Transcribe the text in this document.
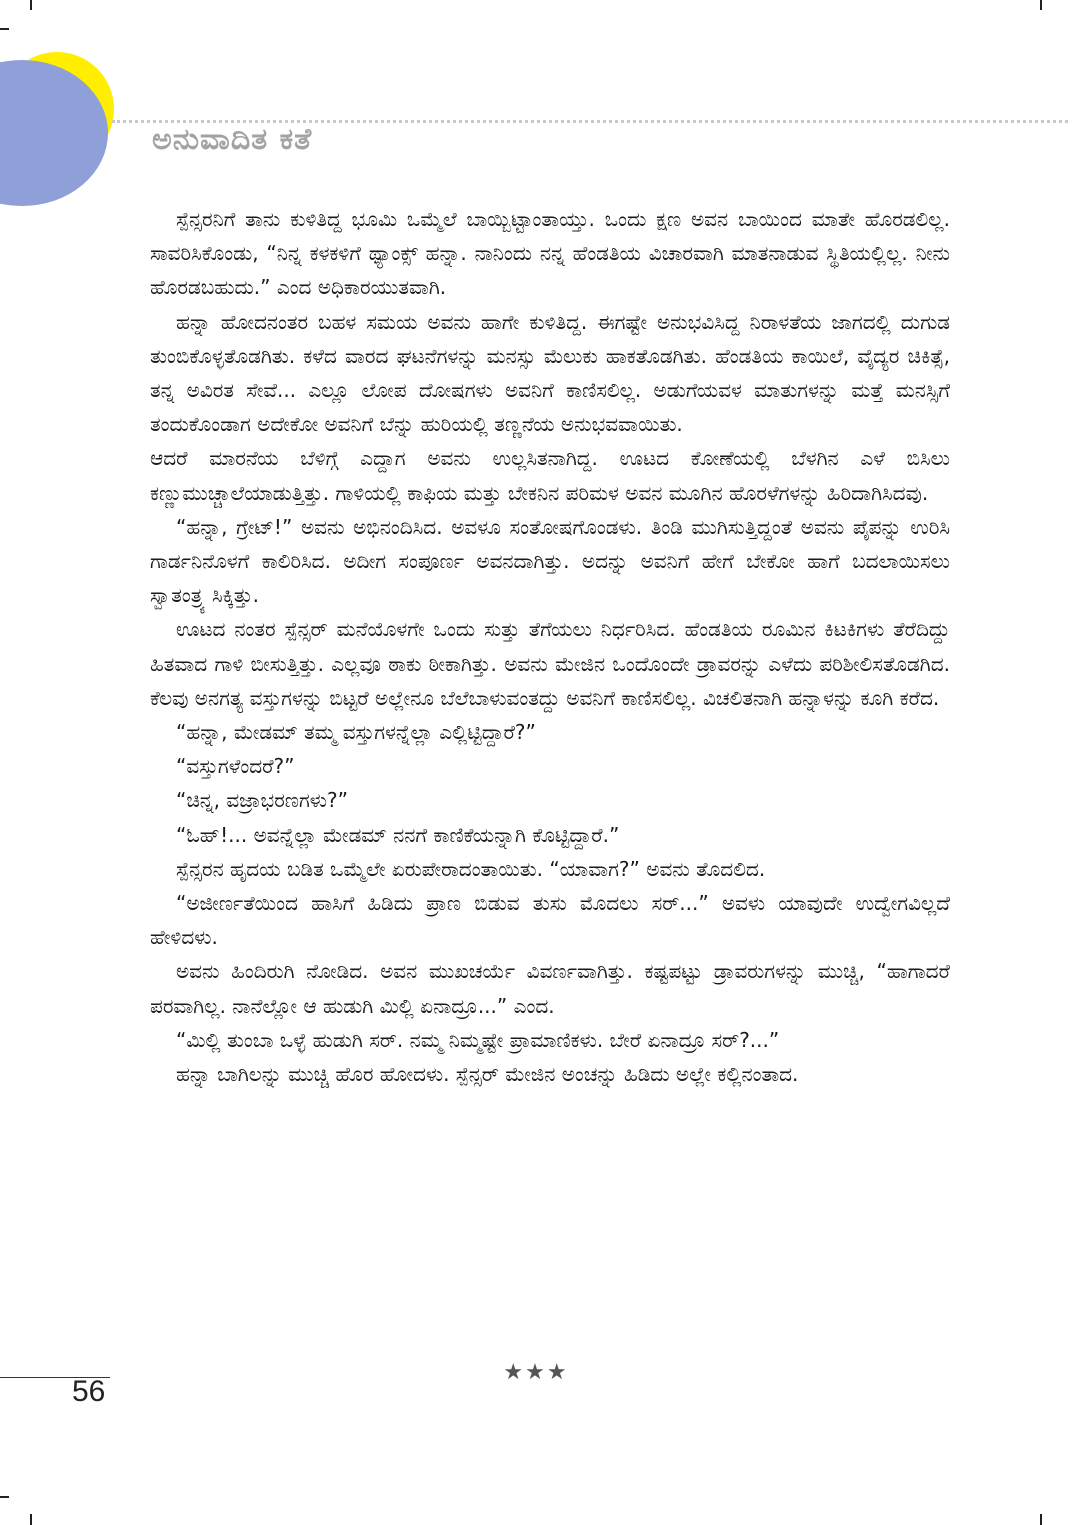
ಅನುವಾದಿತ ಕತೆ

ಸ್ಪೆನ್ಸರನಿಗೆ ತಾನು ಕುಳಿತಿದ್ದ ಭೂಮಿ ಒಮ್ಮೆಲೆ ಬಾಯ್ಬಿಟ್ಟಾಂತಾಯ್ತು. ಒಂದು ಕ್ಷಣ ಅವನ ಬಾಯಿಂದ ಮಾತೇ ಹೊರಡಲಿಲ್ಲ. ಸಾವರಿಸಿಕೊಂಡು, “ನಿನ್ನ ಕಳಕಳಿಗೆ ಥ್ಯಾಂಕ್ಸ್ ಹನ್ನಾ. ನಾನಿಂದು ನನ್ನ ಹೆಂಡತಿಯ ವಿಚಾರವಾಗಿ ಮಾತನಾಡುವ ಸ್ಥಿತಿಯಲ್ಲಿಲ್ಲ. ನೀನು ಹೊರಡಬಹುದು.” ಎಂದ ಅಧಿಕಾರಯುತವಾಗಿ.

ಹನ್ನಾ ಹೋದನಂತರ ಬಹಳ ಸಮಯ ಅವನು ಹಾಗೇ ಕುಳಿತಿದ್ದ. ಈಗಷ್ಟೇ ಅನುಭವಿಸಿದ್ದ ನಿರಾಳತೆಯ ಜಾಗದಲ್ಲಿ ದುಗುಡ ತುಂಬಿಕೊಳ್ಳತೊಡಗಿತು. ಕಳೆದ ವಾರದ ಘಟನೆಗಳನ್ನು ಮನಸ್ಸು ಮೆಲುಕು ಹಾಕತೊಡಗಿತು. ಹೆಂಡತಿಯ ಕಾಯಿಲೆ, ವೈದ್ಯರ ಚಿಕಿತ್ಸೆ, ತನ್ನ ಅವಿರತ ಸೇವೆ... ಎಲ್ಲೂ ಲೋಪ ದೋಷಗಳು ಅವನಿಗೆ ಕಾಣಿಸಲಿಲ್ಲ. ಅಡುಗೆಯವಳ ಮಾತುಗಳನ್ನು ಮತ್ತೆ ಮನಸ್ಸಿಗೆ ತಂದುಕೊಂಡಾಗ ಅದೇಕೋ ಅವನಿಗೆ ಬೆನ್ನು ಹುರಿಯಲ್ಲಿ ತಣ್ಣನೆಯ ಅನುಭವವಾಯಿತು.

ಆದರೆ ಮಾರನೆಯ ಬೆಳಿಗ್ಗೆ ಎದ್ದಾಗ ಅವನು ಉಲ್ಲಸಿತನಾಗಿದ್ದ. ಊಟದ ಕೋಣೆಯಲ್ಲಿ ಬೆಳಗಿನ ಎಳೆ ಬಿಸಿಲು ಕಣ್ಣುಮುಚ್ಚಾಲೆಯಾಡುತ್ತಿತ್ತು. ಗಾಳಿಯಲ್ಲಿ ಕಾಫಿಯ ಮತ್ತು ಬೇಕನಿನ ಪರಿಮಳ ಅವನ ಮೂಗಿನ ಹೊರಳೆಗಳನ್ನು ಹಿರಿದಾಗಿಸಿದವು.

“ಹನ್ನಾ, ಗ್ರೇಟ್!” ಅವನು ಅಭಿನಂದಿಸಿದ. ಅವಳೂ ಸಂತೋಷಗೊಂಡಳು. ತಿಂಡಿ ಮುಗಿಸುತ್ತಿದ್ದಂತೆ ಅವನು ಪೈಪನ್ನು ಉರಿಸಿ ಗಾರ್ಡನಿನೊಳಗೆ ಕಾಲಿರಿಸಿದ. ಅದೀಗ ಸಂಪೂರ್ಣ ಅವನದಾಗಿತ್ತು. ಅದನ್ನು ಅವನಿಗೆ ಹೇಗೆ ಬೇಕೋ ಹಾಗೆ ಬದಲಾಯಿಸಲು ಸ್ವಾತಂತ್ರ್ಯ ಸಿಕ್ಕಿತ್ತು.

ಊಟದ ನಂತರ ಸ್ಪೆನ್ಸರ್ ಮನೆಯೊಳಗೇ ಒಂದು ಸುತ್ತು ತೆಗೆಯಲು ನಿರ್ಧರಿಸಿದ. ಹೆಂಡತಿಯ ರೂಮಿನ ಕಿಟಕಿಗಳು ತೆರೆದಿದ್ದು ಹಿತವಾದ ಗಾಳಿ ಬೀಸುತ್ತಿತ್ತು. ಎಲ್ಲವೂ ಠಾಕು ಠೀಕಾಗಿತ್ತು. ಅವನು ಮೇಜಿನ ಒಂದೊಂದೇ ಡ್ರಾವರನ್ನು ಎಳೆದು ಪರಿಶೀಲಿಸತೊಡಗಿದ. ಕೆಲವು ಅನಗತ್ಯ ವಸ್ತುಗಳನ್ನು ಬಿಟ್ಟರೆ ಅಲ್ಲೇನೂ ಬೆಲೆಬಾಳುವಂತದ್ದು ಅವನಿಗೆ ಕಾಣಿಸಲಿಲ್ಲ. ವಿಚಲಿತನಾಗಿ ಹನ್ನಾಳನ್ನು ಕೂಗಿ ಕರೆದ.

“ಹನ್ನಾ, ಮೇಡಮ್ ತಮ್ಮ ವಸ್ತುಗಳನ್ನೆಲ್ಲಾ ಎಲ್ಲಿಟ್ಟಿದ್ದಾರೆ?”

“ವಸ್ತುಗಳೆಂದರೆ?”

“ಚಿನ್ನ, ವಜ್ರಾಭರಣಗಳು?”

“ಓಹ್!... ಅವನ್ನೆಲ್ಲಾ ಮೇಡಮ್ ನನಗೆ ಕಾಣಿಕೆಯನ್ನಾಗಿ ಕೊಟ್ಟಿದ್ದಾರೆ.”

ಸ್ಪೆನ್ಸರನ ಹೃದಯ ಬಡಿತ ಒಮ್ಮೆಲೇ ಏರುಪೇರಾದಂತಾಯಿತು. “ಯಾವಾಗ?” ಅವನು ತೊದಲಿದ.

“ಅಜೀರ್ಣತೆಯಿಂದ ಹಾಸಿಗೆ ಹಿಡಿದು ಪ್ರಾಣ ಬಿಡುವ ತುಸು ಮೊದಲು ಸರ್...” ಅವಳು ಯಾವುದೇ ಉದ್ವೇಗವಿಲ್ಲದೆ ಹೇಳಿದಳು.

ಅವನು ಹಿಂದಿರುಗಿ ನೋಡಿದ. ಅವನ ಮುಖಚರ್ಯೆ ವಿವರ್ಣವಾಗಿತ್ತು. ಕಷ್ಟಪಟ್ಟು ಡ್ರಾವರುಗಳನ್ನು ಮುಚ್ಚಿ, “ಹಾಗಾದರೆ ಪರವಾಗಿಲ್ಲ. ನಾನೆಲ್ಲೋ ಆ ಹುಡುಗಿ ಮಿಲ್ಲಿ ಏನಾದ್ರೂ...” ಎಂದ.

“ಮಿಲ್ಲಿ ತುಂಬಾ ಒಳ್ಳೆ ಹುಡುಗಿ ಸರ್. ನಮ್ಮ ನಿಮ್ಮಷ್ಟೇ ಪ್ರಾಮಾಣಿಕಳು. ಬೇರೆ ಏನಾದ್ರೂ ಸರ್?...”

ಹನ್ನಾ ಬಾಗಿಲನ್ನು ಮುಚ್ಚಿ ಹೊರ ಹೋದಳು. ಸ್ಪೆನ್ಸರ್ ಮೇಜಿನ ಅಂಚನ್ನು ಹಿಡಿದು ಅಲ್ಲೇ ಕಲ್ಲಿನಂತಾದ.

★★★
56
